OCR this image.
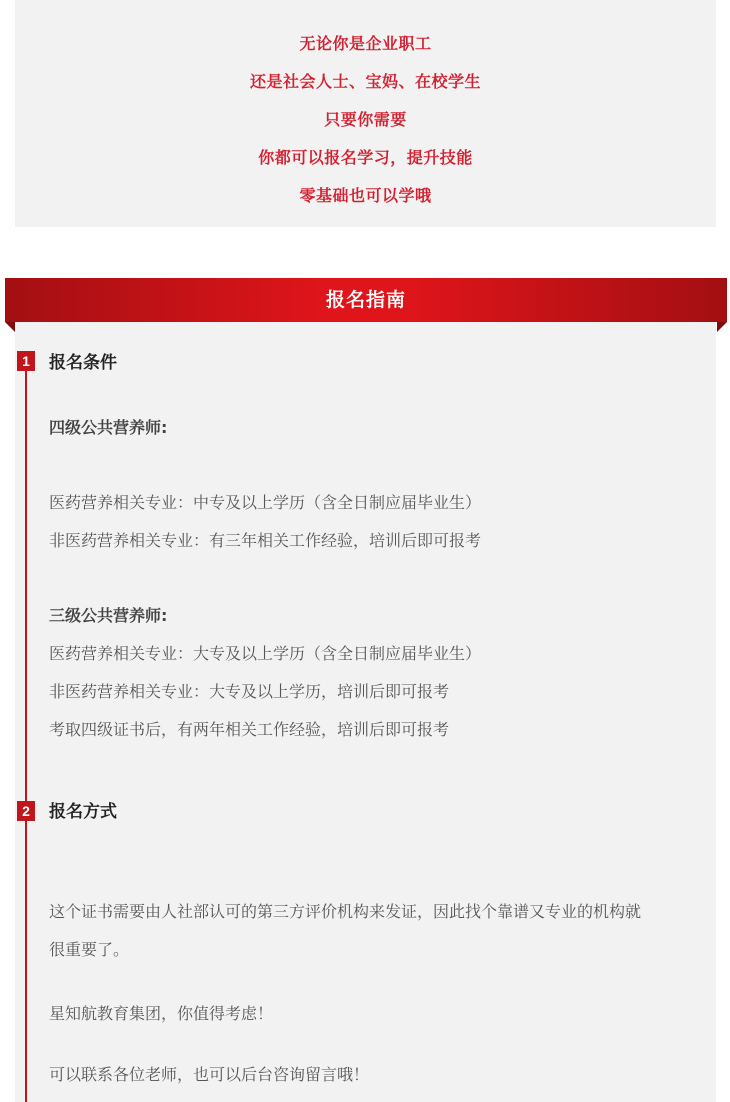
无论你是企业职工
还是社会人士、宝妈、在校学生
只要你需要
你都可以报名学习，提升技能
零基础也可以学哦
报名指南
1	报名条件
四级公共营养师:
医药营养相关专业：中专及以上学历（含全日制应届毕业生）
非医药营养相关专业：有三年相关工作经验，培训后即可报考
三级公共营养师:
医药营养相关专业：大专及以上学历（含全日制应届毕业生）
非医药营养相关专业：大专及以上学历，培训后即可报考
考取四级证书后，有两年相关工作经验，培训后即可报考
2	报名方式
这个证书需要由人社部认可的第三方评价机构来发证，因此找个靠谱又专业的机构就
很重要了。
星知航教育集团，你值得考虑！
可以联系各位老师，也可以后台咨询留言哦！
